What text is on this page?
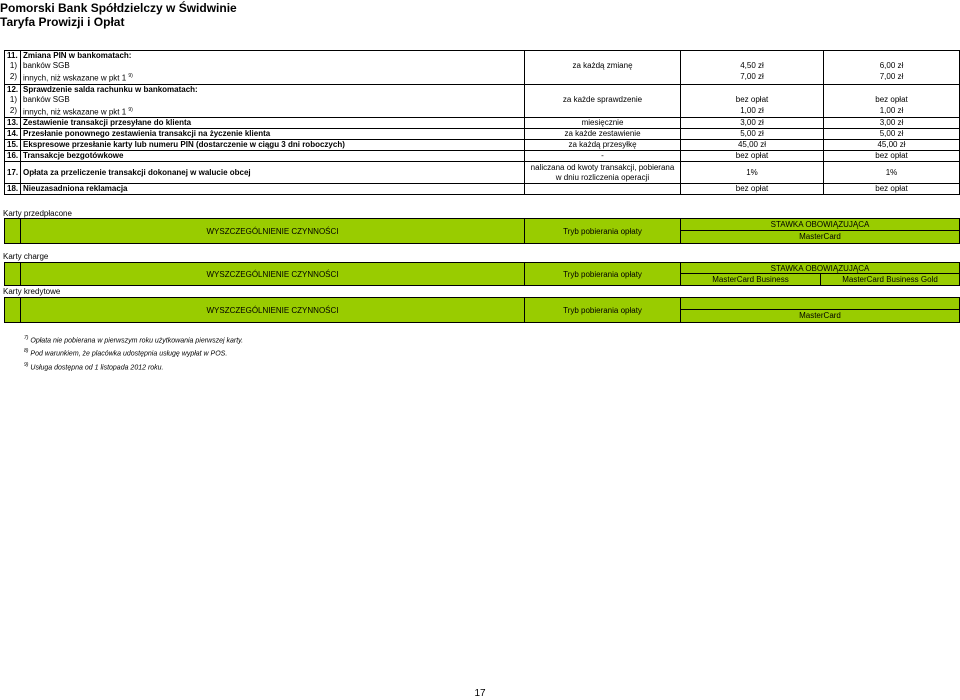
Pomorski Bank Spółdzielczy w Świdwinie
Taryfa Prowizji i Opłat
11.	Zmiana PIN w bankomatach:			
1)	banków SGB	za każdą zmianę	4,50 zł	6,00 zł
2)	innych, niż wskazane w pkt 1 $^{9)}$		7,00 zł	7,00 zł
12.	Sprawdzenie salda rachunku w bankomatach:			
1)	banków SGB	za każde sprawdzenie	bez opłat	bez opłat
2)	innych, niż wskazane w pkt 1 $^{9)}$		1,00 zł	1,00 zł
13.	Zestawienie transakcji przesyłane do klienta	miesięcznie	3,00 zł	3,00 zł
14.	Przesłanie ponownego zestawienia transakcji na życzenie klienta	za każde zestawienie	5,00 zł	5,00 zł
15.	Ekspresowe przesłanie karty lub numeru PIN (dostarczenie w ciągu 3 dni roboczych)	za każdą przesyłkę	45,00 zł	45,00 zł
16.	Transakcje bezgotówkowe	-	bez opłat	bez opłat
17.	Opłata za przeliczenie transakcji dokonanej w walucie obcej	naliczana od kwoty transakcji, pobierana
w dniu rozliczenia operacji	1%	1%
18.	Nieuzasadniona reklamacja		bez opłat	bez opłat
Karty przedpłacone
	WYSZCZEGÓLNIENIE CZYNNOŚCI	Tryb pobierania opłaty	
STAWKA OBOWIĄZUJĄCA
MasterCard
Karty charge
	WYSZCZEGÓLNIENIE CZYNNOŚCI	Tryb pobierania opłaty	STAWKA OBOWIĄZUJĄCA	
			MasterCard Business	MasterCard Business Gold
Karty kredytowe
	WYSZCZEGÓLNIENIE CZYNNOŚCI	Tryb pobierania opłaty	
MasterCard
$^{7)}$ Opłata nie pobierana w pierwszym roku użytkowania pierwszej karty.
$^{8)}$ Pod warunkiem, że placówka udostępnia usługę wypłat w POS.
$^{9)}$ Usługa dostępna od 1 listopada 2012 roku.
17
